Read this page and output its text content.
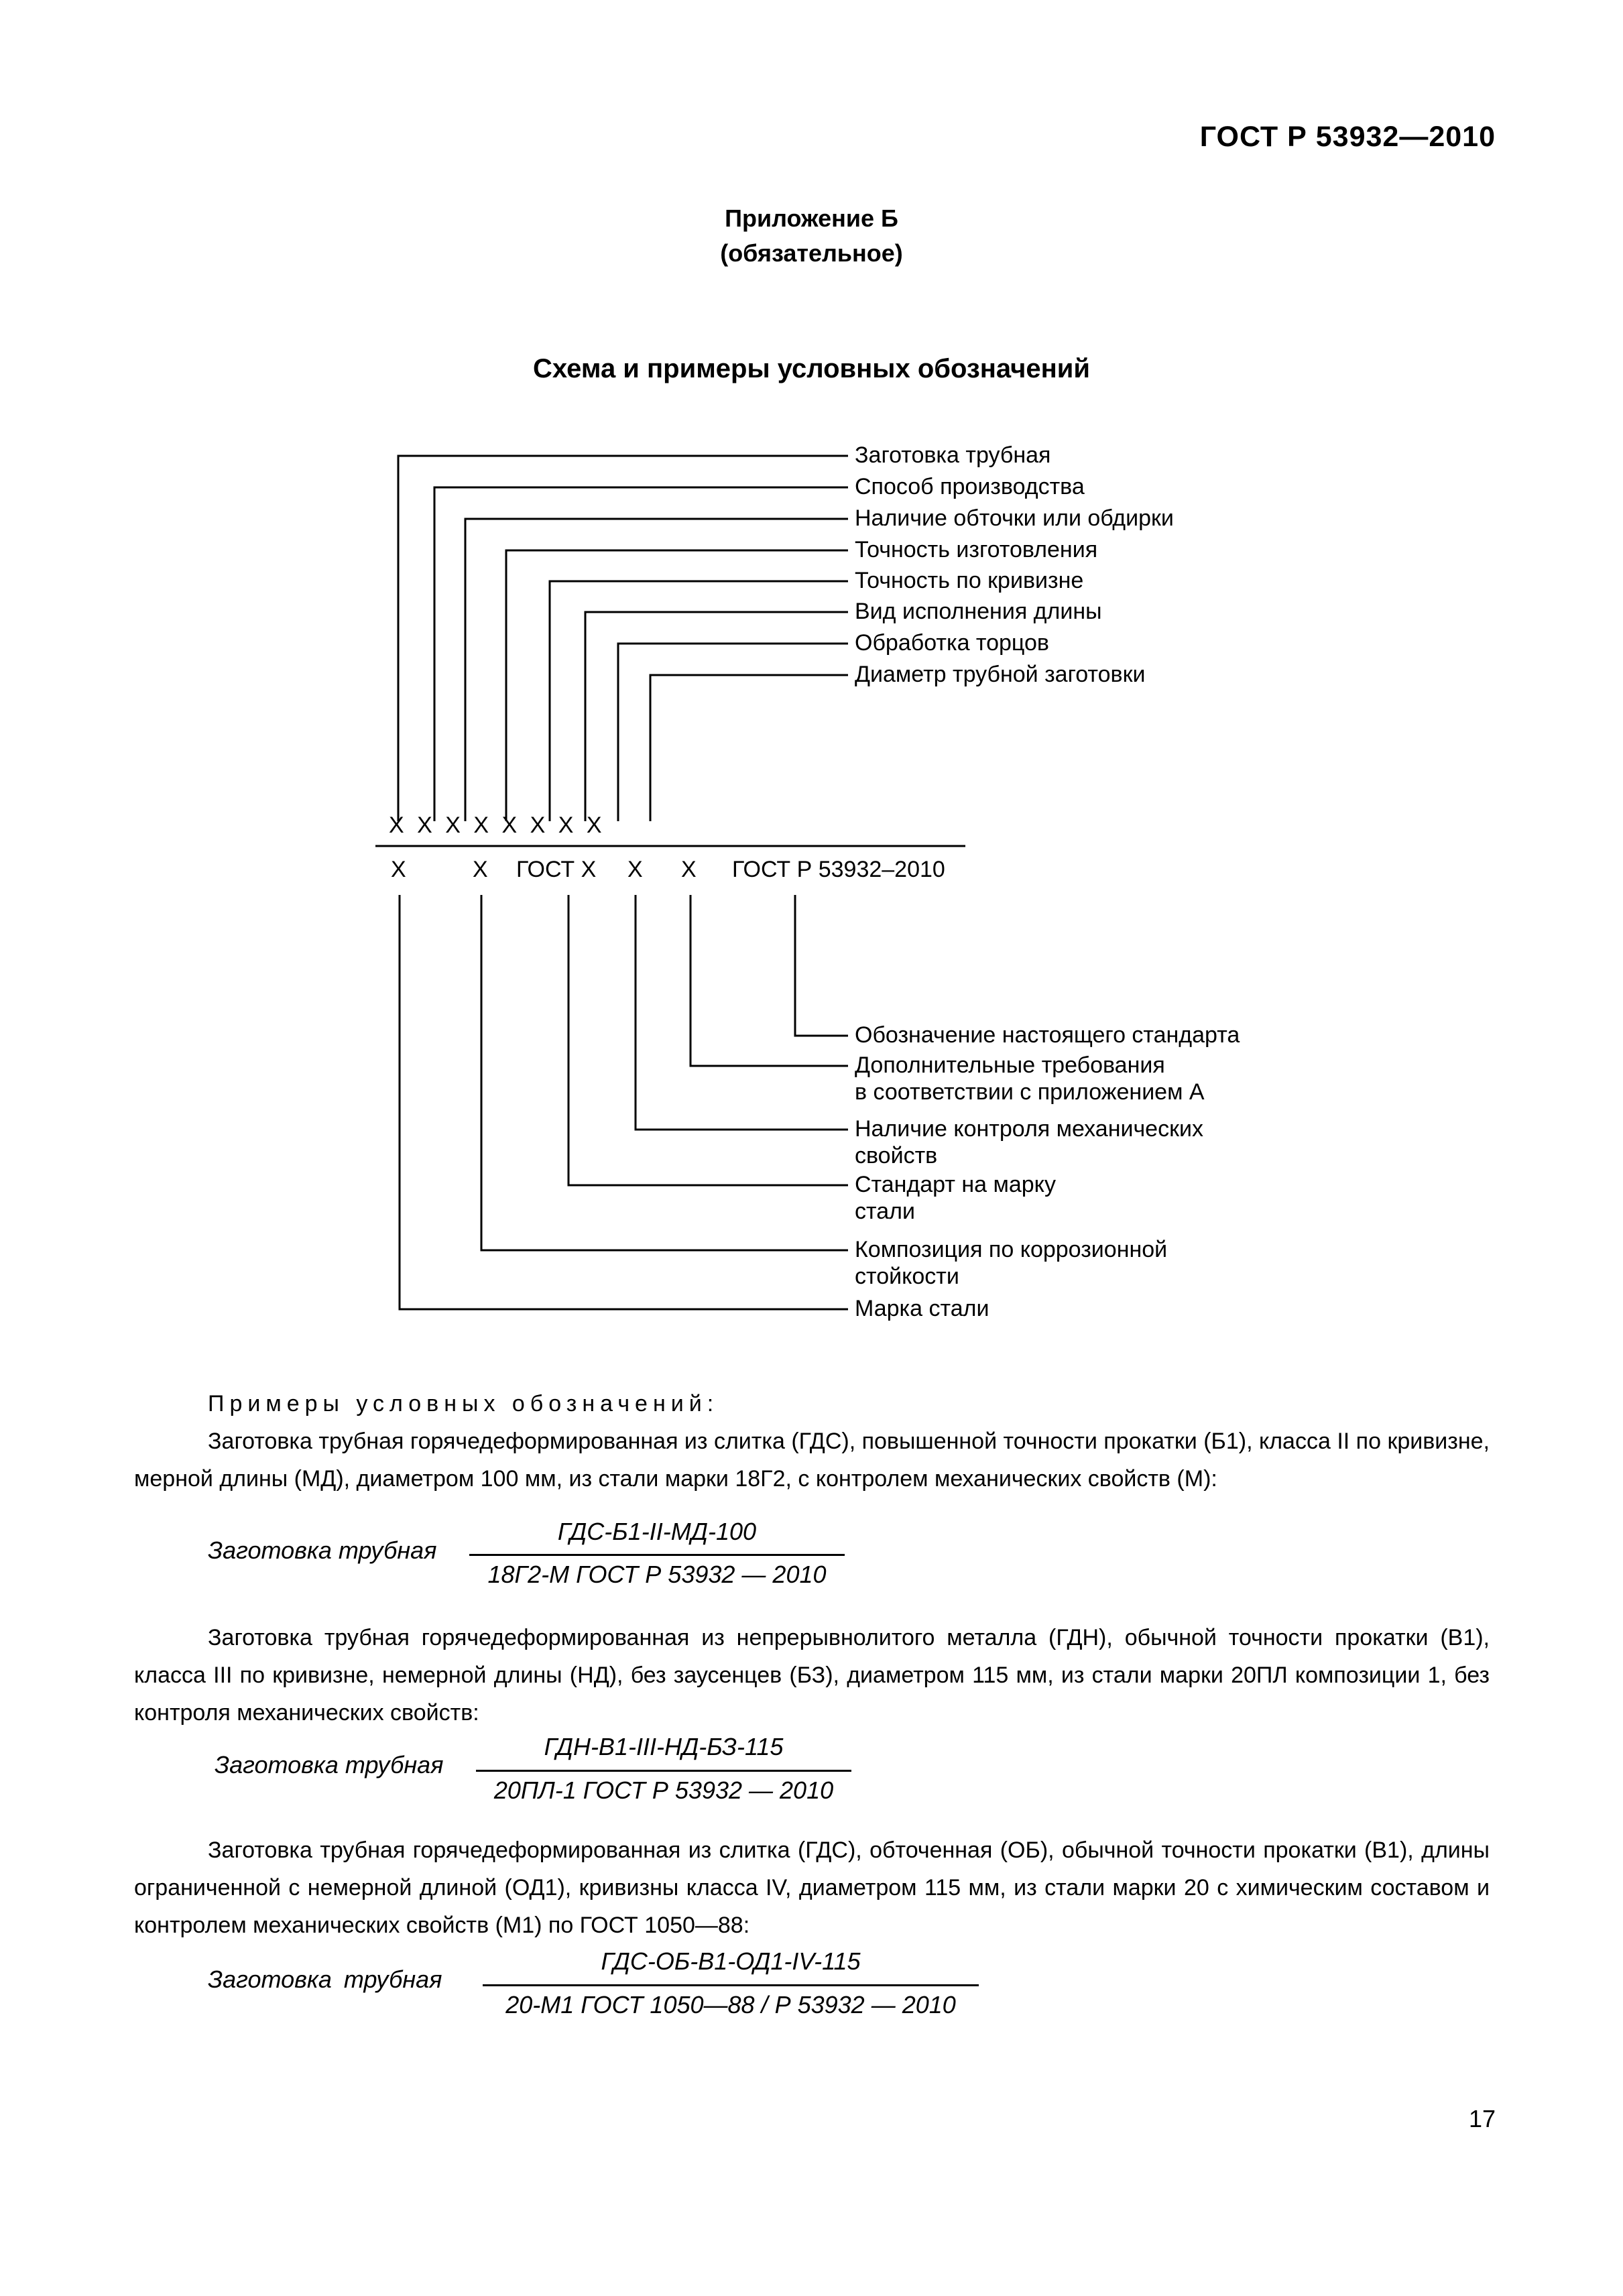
ГОСТ Р 53932—2010
Приложение Б
(обязательное)
Схема и примеры условных обозначений
Заготовка трубная
Способ производства
Наличие обточки или обдирки
Точность изготовления
Точность по кривизне
Вид исполнения длины
Обработка торцов
Диаметр трубной заготовки
Х Х Х Х Х Х Х Х
Х	Х ГОСТ Х Х Х ГОСТ Р 53932–2010
Обозначение настоящего стандарта
Дополнительные требования
в соответствии с приложением А
Наличие контроля механических
свойств
Стандарт на марку
стали
Композиция по коррозионной
стойкости
Марка стали
Примеры условных обозначений:
Заготовка трубная горячедеформированная из слитка (ГДС), повышенной точности прокатки (Б1), класса II по кривизне, мерной длины (МД), диаметром 100 мм, из стали марки 18Г2, с контролем механических свойств (М):
Заготовка трубная
ГДС-Б1-II-МД-100
18Г2-М ГОСТ Р 53932 — 2010
Заготовка трубная горячедеформированная из непрерывнолитого металла (ГДН), обычной точности прокатки (В1), класса III по кривизне, немерной длины (НД), без заусенцев (БЗ), диаметром 115 мм, из стали марки 20ПЛ композиции 1, без контроля механических свойств:
Заготовка трубная
ГДН-В1-III-НД-БЗ-115
20ПЛ-1 ГОСТ Р 53932 — 2010
Заготовка трубная горячедеформированная из слитка (ГДС), обточенная (ОБ), обычной точности прокатки (В1), длины ограниченной с немерной длиной (ОД1), кривизны класса IV, диаметром 115 мм, из стали марки 20 с химическим составом и контролем механических свойств (М1) по ГОСТ 1050—88:
Заготовка трубная
ГДС-ОБ-В1-ОД1-IV-115
20-М1 ГОСТ 1050—88 / Р 53932 — 2010
17
